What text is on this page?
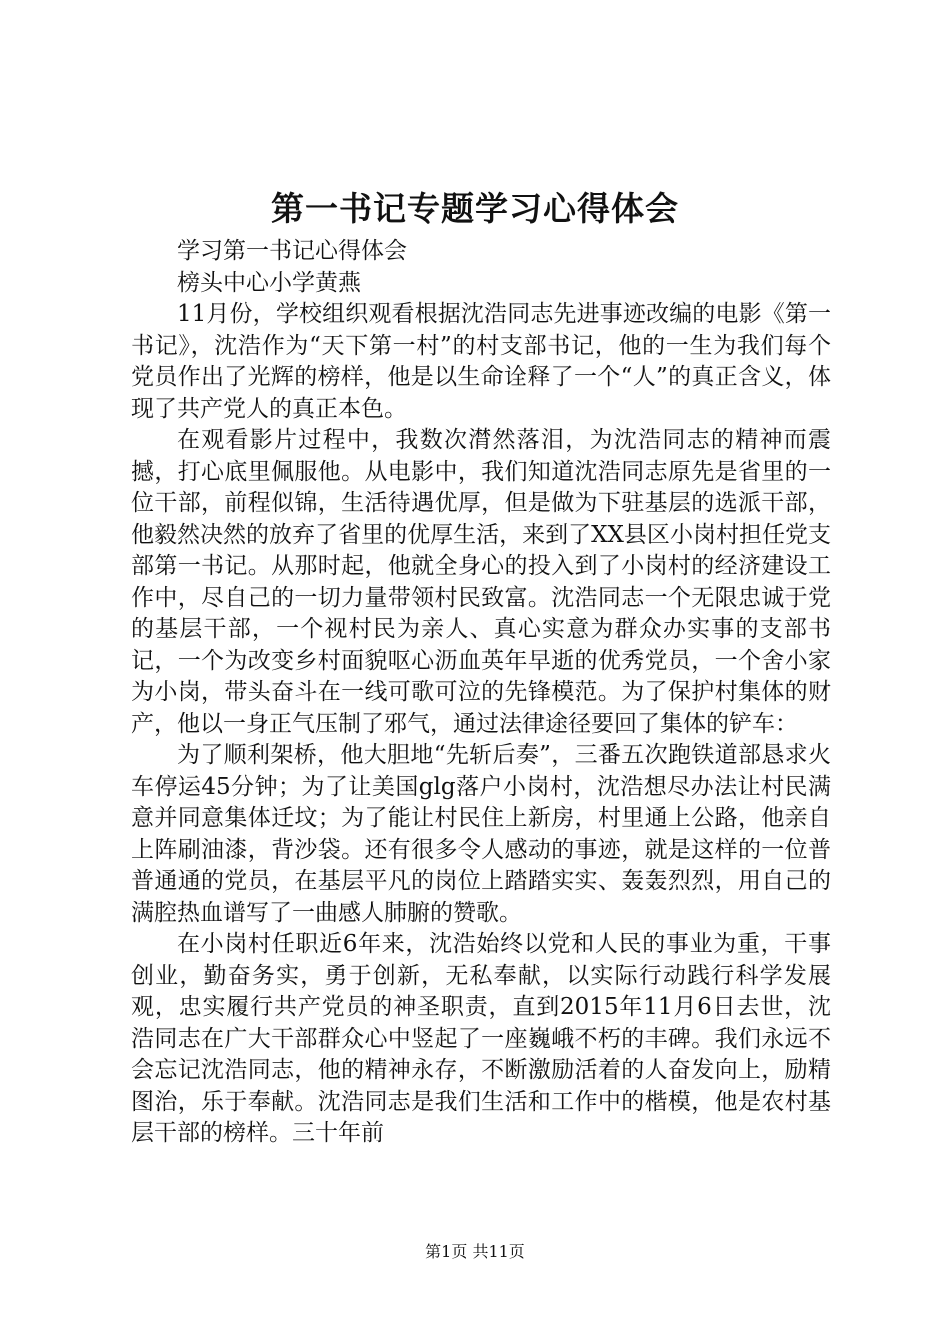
第一书记专题学习心得体会

学习第一书记心得体会

榜头中心小学黄燕

11月份，学校组织观看根据沈浩同志先进事迹改编的电影《第一书记》，沈浩作为“天下第一村”的村支部书记，他的一生为我们每个党员作出了光辉的榜样，他是以生命诠释了一个“人”的真正含义，体现了共产党人的真正本色。

在观看影片过程中，我数次潸然落泪，为沈浩同志的精神而震撼，打心底里佩服他。从电影中，我们知道沈浩同志原先是省里的一位干部，前程似锦，生活待遇优厚，但是做为下驻基层的选派干部，他毅然决然的放弃了省里的优厚生活，来到了XX县区小岗村担任党支部第一书记。从那时起，他就全身心的投入到了小岗村的经济建设工作中，尽自己的一切力量带领村民致富。沈浩同志一个无限忠诚于党的基层干部，一个视村民为亲人、真心实意为群众办实事的支部书记，一个为改变乡村面貌呕心沥血英年早逝的优秀党员，一个舍小家为小岗，带头奋斗在一线可歌可泣的先锋模范。为了保护村集体的财产，他以一身正气压制了邪气，通过法律途径要回了集体的铲车：

为了顺利架桥，他大胆地“先斩后奏”，三番五次跑铁道部恳求火车停运45分钟；为了让美国glg落户小岗村，沈浩想尽办法让村民满意并同意集体迁坟；为了能让村民住上新房，村里通上公路，他亲自上阵刷油漆，背沙袋。还有很多令人感动的事迹，就是这样的一位普普通通的党员，在基层平凡的岗位上踏踏实实、轰轰烈烈，用自己的满腔热血谱写了一曲感人肺腑的赞歌。

在小岗村任职近6年来，沈浩始终以党和人民的事业为重，干事创业，勤奋务实，勇于创新，无私奉献，以实际行动践行科学发展观，忠实履行共产党员的神圣职责，直到2015年11月6日去世，沈浩同志在广大干部群众心中竖起了一座巍峨不朽的丰碑。我们永远不会忘记沈浩同志，他的精神永存，不断激励活着的人奋发向上，励精图治，乐于奉献。沈浩同志是我们生活和工作中的楷模，他是农村基层干部的榜样。三十年前

第1页 共11页
